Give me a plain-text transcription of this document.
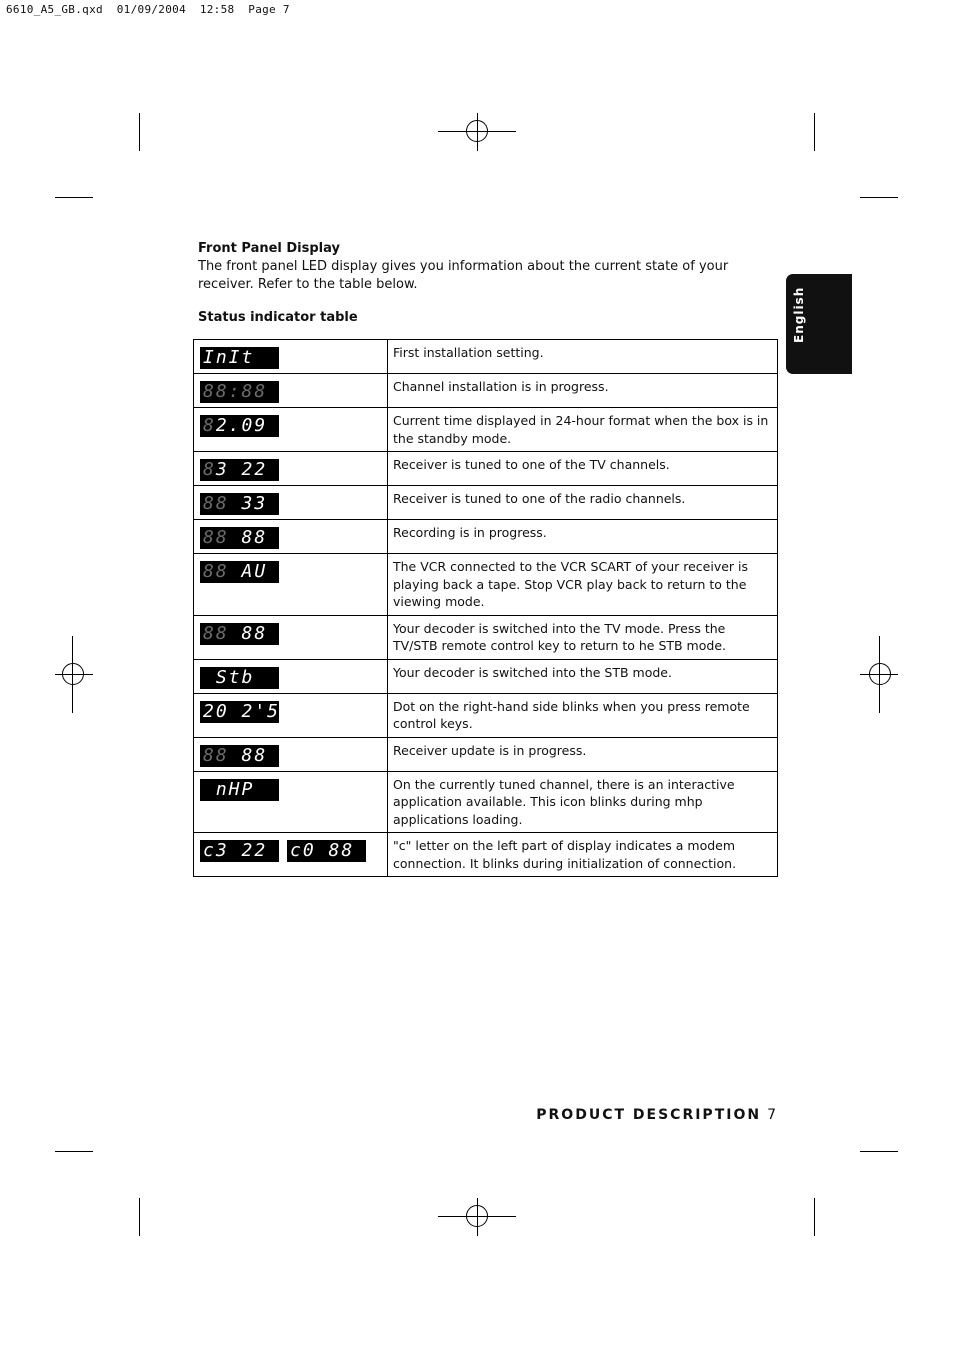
6610_A5_GB.qxd  01/09/2004  12:58  Page 7
English
Front Panel Display

The front panel LED display gives you information about the current state of your receiver. Refer to the table below.

Status indicator table
InIt	First installation setting.
88:88	Channel installation is in progress.
82.09	Current time displayed in 24-hour format when the box is in the standby mode.
83 22	Receiver is tuned to one of the TV channels.
88 33	Receiver is tuned to one of the radio channels.
88 88	Recording is in progress.
88 AU	The VCR connected to the VCR SCART of your receiver is playing back a tape. Stop VCR play back to return to the viewing mode.
88 88	Your decoder is switched into the TV mode. Press the TV/STB remote control key to return to he STB mode.
Stb	Your decoder is switched into the STB mode.
20 2'5	Dot on the right-hand side blinks when you press remote control keys.
88 88	Receiver update is in progress.
nHP	On the currently tuned channel, there is an interactive application available. This icon blinks during mhp applications loading.
c3 22 c0 88	"c" letter on the left part of display indicates a modem connection. It blinks during initialization of connection.
PRODUCT DESCRIPTION 7
